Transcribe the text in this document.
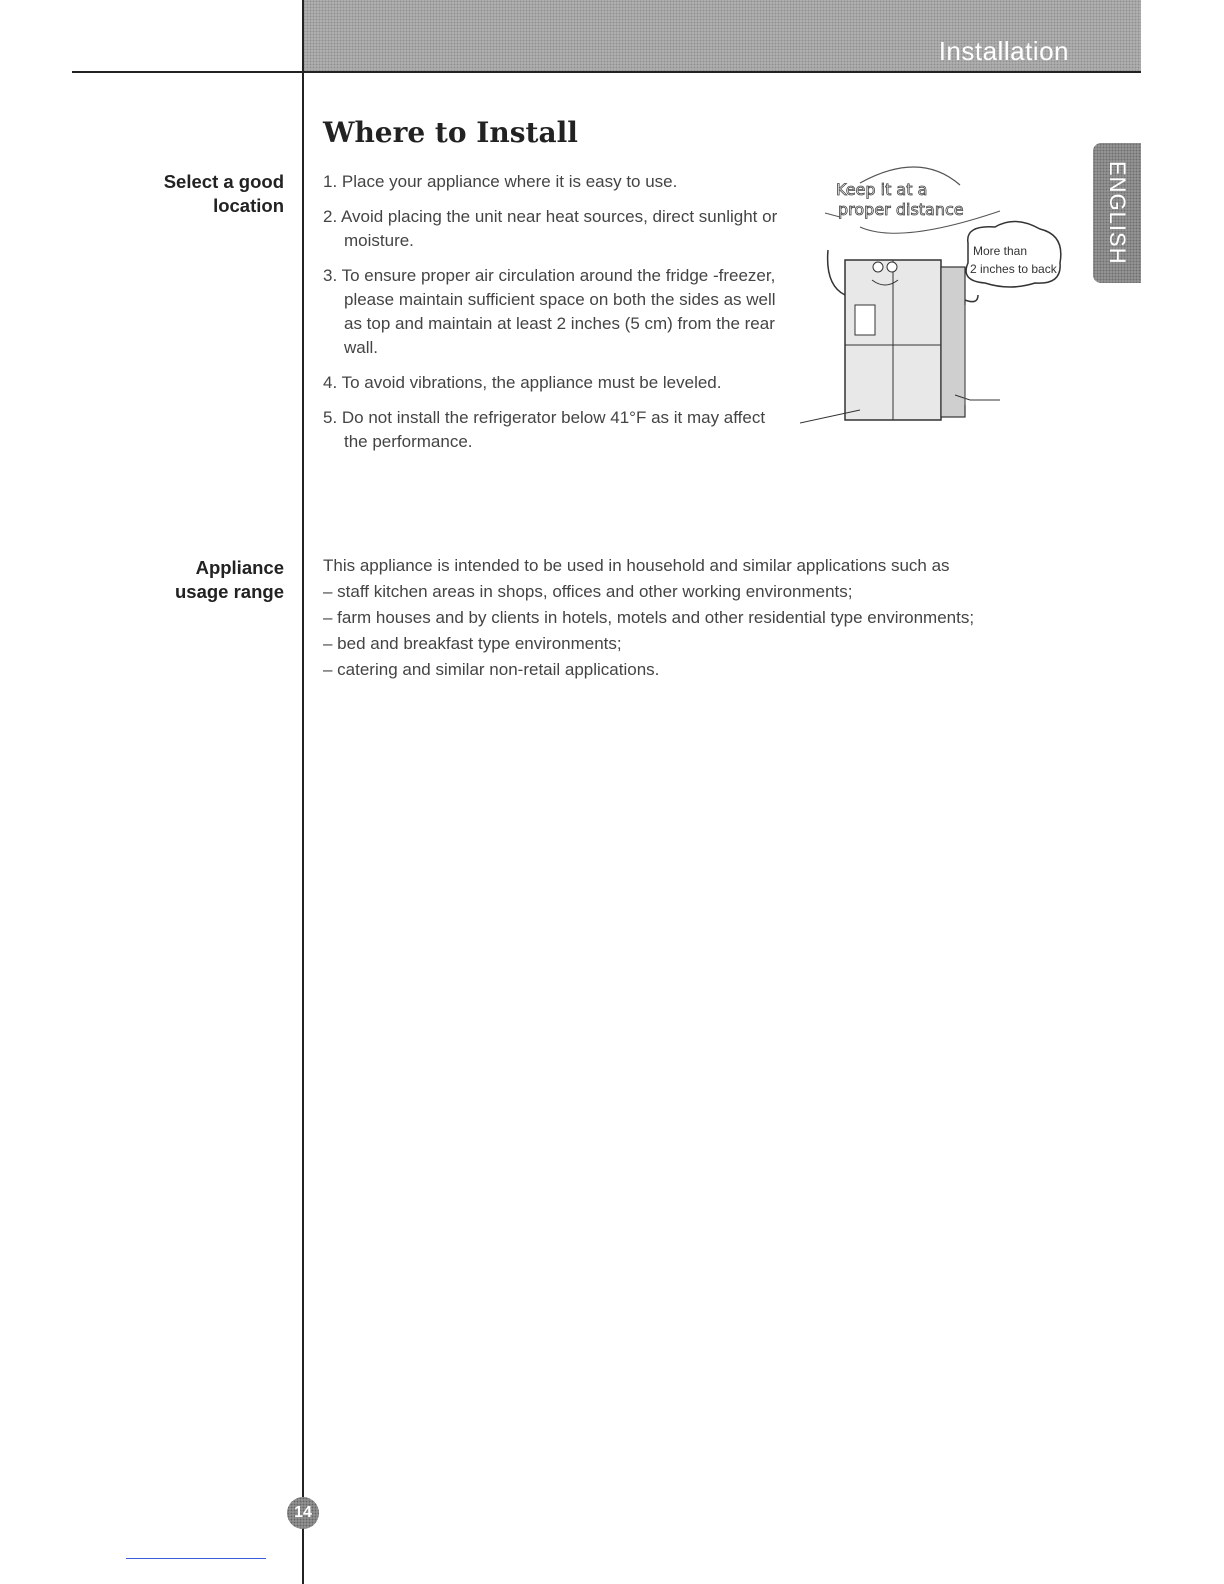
Installation
ENGLISH
Select a good
location
Where to Install
1. Place your appliance where it is easy to use.
2. Avoid placing the unit near heat sources, direct sunlight or moisture.
3. To ensure proper air circulation around the fridge -freezer, please maintain sufficient space on both the sides as well as top and maintain at least 2 inches (5 cm) from the rear wall.
4. To avoid vibrations, the appliance must be leveled.
5. Do not install the refrigerator below 41°F as it may affect the performance.
Keep it at a
proper distance
More than
2 inches to back
Appliance
usage range

This appliance is intended to be used in household and similar applications such as

– staff kitchen areas in shops, offices and other working environments;

– farm houses and by clients in hotels, motels and other residential type environments;

– bed and breakfast type environments;

– catering and similar non-retail applications.

14
